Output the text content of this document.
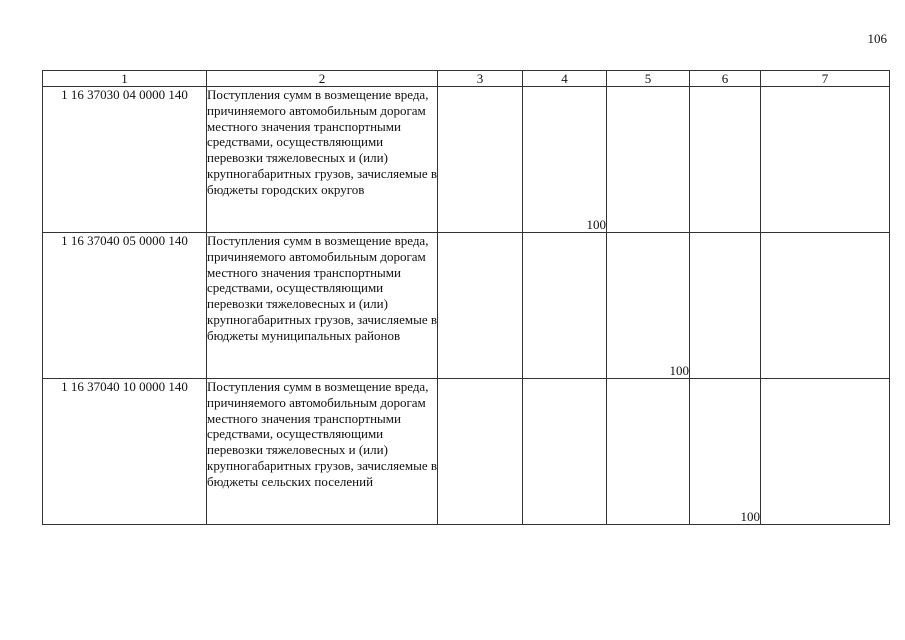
106
1	2	3	4	5	6	7
1 16 37030 04 0000 140	Поступления сумм в возмещение вреда, причиняемого автомобильным дорогам местного значения транспортными средствами, осуществляющими перевозки тяжеловесных и (или) крупногабаритных грузов, зачисляемые в бюджеты городских округов		100			
1 16 37040 05 0000 140	Поступления сумм в возмещение вреда, причиняемого автомобильным дорогам местного значения транспортными средствами, осуществляющими перевозки тяжеловесных и (или) крупногабаритных грузов, зачисляемые в бюджеты муниципальных районов			100		
1 16 37040 10 0000 140	Поступления сумм в возмещение вреда, причиняемого автомобильным дорогам местного значения транспортными средствами, осуществляющими перевозки тяжеловесных и (или) крупногабаритных грузов, зачисляемые в бюджеты сельских поселений				100	
